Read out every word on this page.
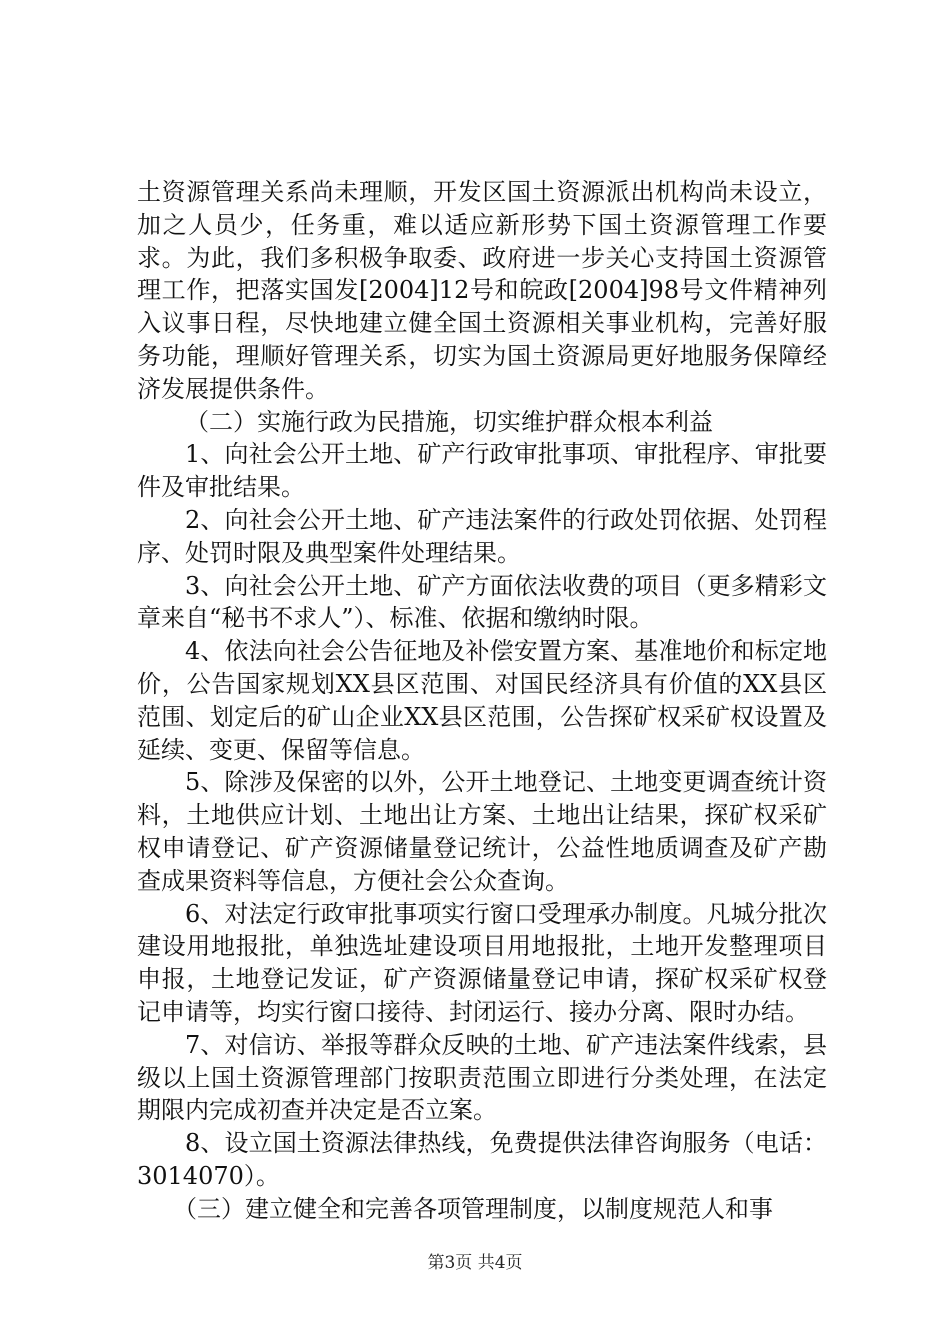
土资源管理关系尚未理顺，开发区国土资源派出机构尚未设立，加之人员少，任务重，难以适应新形势下国土资源管理工作要求。为此，我们多积极争取委、政府进一步关心支持国土资源管理工作，把落实国发[2004]12号和皖政[2004]98号文件精神列入议事日程，尽快地建立健全国土资源相关事业机构，完善好服务功能，理顺好管理关系，切实为国土资源局更好地服务保障经济发展提供条件。

（二）实施行政为民措施，切实维护群众根本利益

1、向社会公开土地、矿产行政审批事项、审批程序、审批要件及审批结果。

2、向社会公开土地、矿产违法案件的行政处罚依据、处罚程序、处罚时限及典型案件处理结果。

3、向社会公开土地、矿产方面依法收费的项目（更多精彩文章来自“秘书不求人”）、标准、依据和缴纳时限。

4、依法向社会公告征地及补偿安置方案、基准地价和标定地价，公告国家规划XX县区范围、对国民经济具有价值的XX县区范围、划定后的矿山企业XX县区范围，公告探矿权采矿权设置及延续、变更、保留等信息。

5、除涉及保密的以外，公开土地登记、土地变更调查统计资料，土地供应计划、土地出让方案、土地出让结果，探矿权采矿权申请登记、矿产资源储量登记统计，公益性地质调查及矿产勘查成果资料等信息，方便社会公众查询。

6、对法定行政审批事项实行窗口受理承办制度。凡城分批次建设用地报批，单独选址建设项目用地报批，土地开发整理项目申报，土地登记发证，矿产资源储量登记申请，探矿权采矿权登记申请等，均实行窗口接待、封闭运行、接办分离、限时办结。

7、对信访、举报等群众反映的土地、矿产违法案件线索，县级以上国土资源管理部门按职责范围立即进行分类处理，在法定期限内完成初查并决定是否立案。

8、设立国土资源法律热线，免费提供法律咨询服务（电话：3014070）。

（三）建立健全和完善各项管理制度，以制度规范人和事

第3页 共4页
